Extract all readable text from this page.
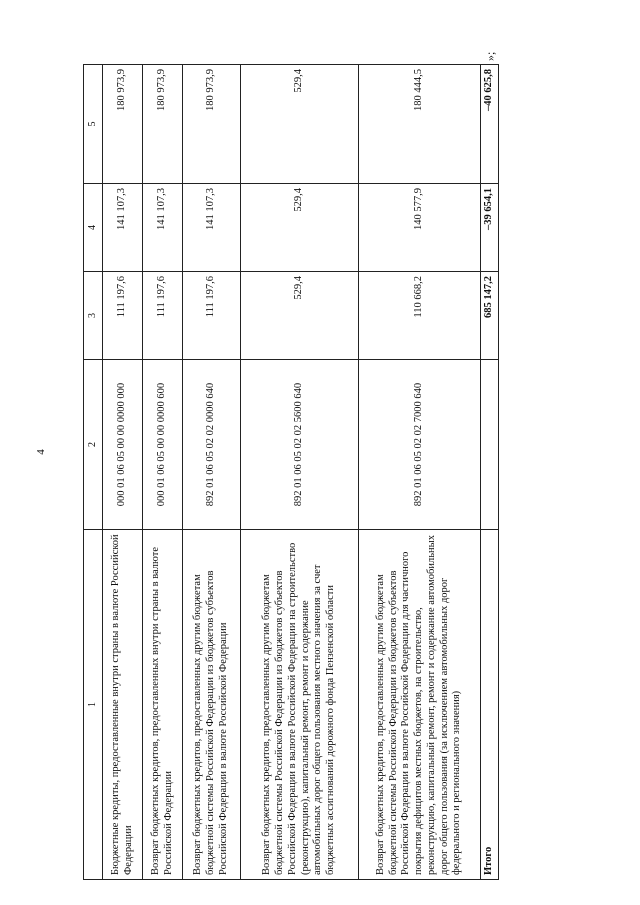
4
1	2	3	4	5
Бюджетные кредиты, предоставленные внутри страны в валюте Российской Федерации	000 01 06 05 00 00 0000 000	111 197,6	141 107,3	180 973,9
Возврат бюджетных кредитов, предоставленных внутри страны в валюте Российской Федерации	000 01 06 05 00 00 0000 600	111 197,6	141 107,3	180 973,9
Возврат бюджетных кредитов, предоставленных другим бюджетам бюджетной системы Российской Федерации из бюджетов субъектов Российской Федерации в валюте Российской Федерации	892 01 06 05 02 02 0000 640	111 197,6	141 107,3	180 973,9
Возврат бюджетных кредитов, предоставленных другим бюджетам бюджетной системы Российской Федерации из бюджетов субъектов Российской Федерации в валюте Российской Федерации на строительство (реконструкцию), капитальный ремонт, ремонт и содержание автомобильных дорог общего пользования местного значения за счет бюджетных ассигнований дорожного фонда Пензенской области	892 01 06 05 02 02 5600 640	529,4	529,4	529,4
Возврат бюджетных кредитов, предоставленных другим бюджетам бюджетной системы Российской Федерации из бюджетов субъектов Российской Федерации в валюте Российской Федерации для частичного покрытия дефицитов местных бюджетов, на строительство, реконструкцию, капитальный ремонт, ремонт и содержание автомобильных дорог общего пользования (за исключением автомобильных дорог федерального и регионального значения)	892 01 06 05 02 02 7000 640	110 668,2	140 577,9	180 444,5
Итого		685 147,2	–39 654,1	–40 625,8
»;
